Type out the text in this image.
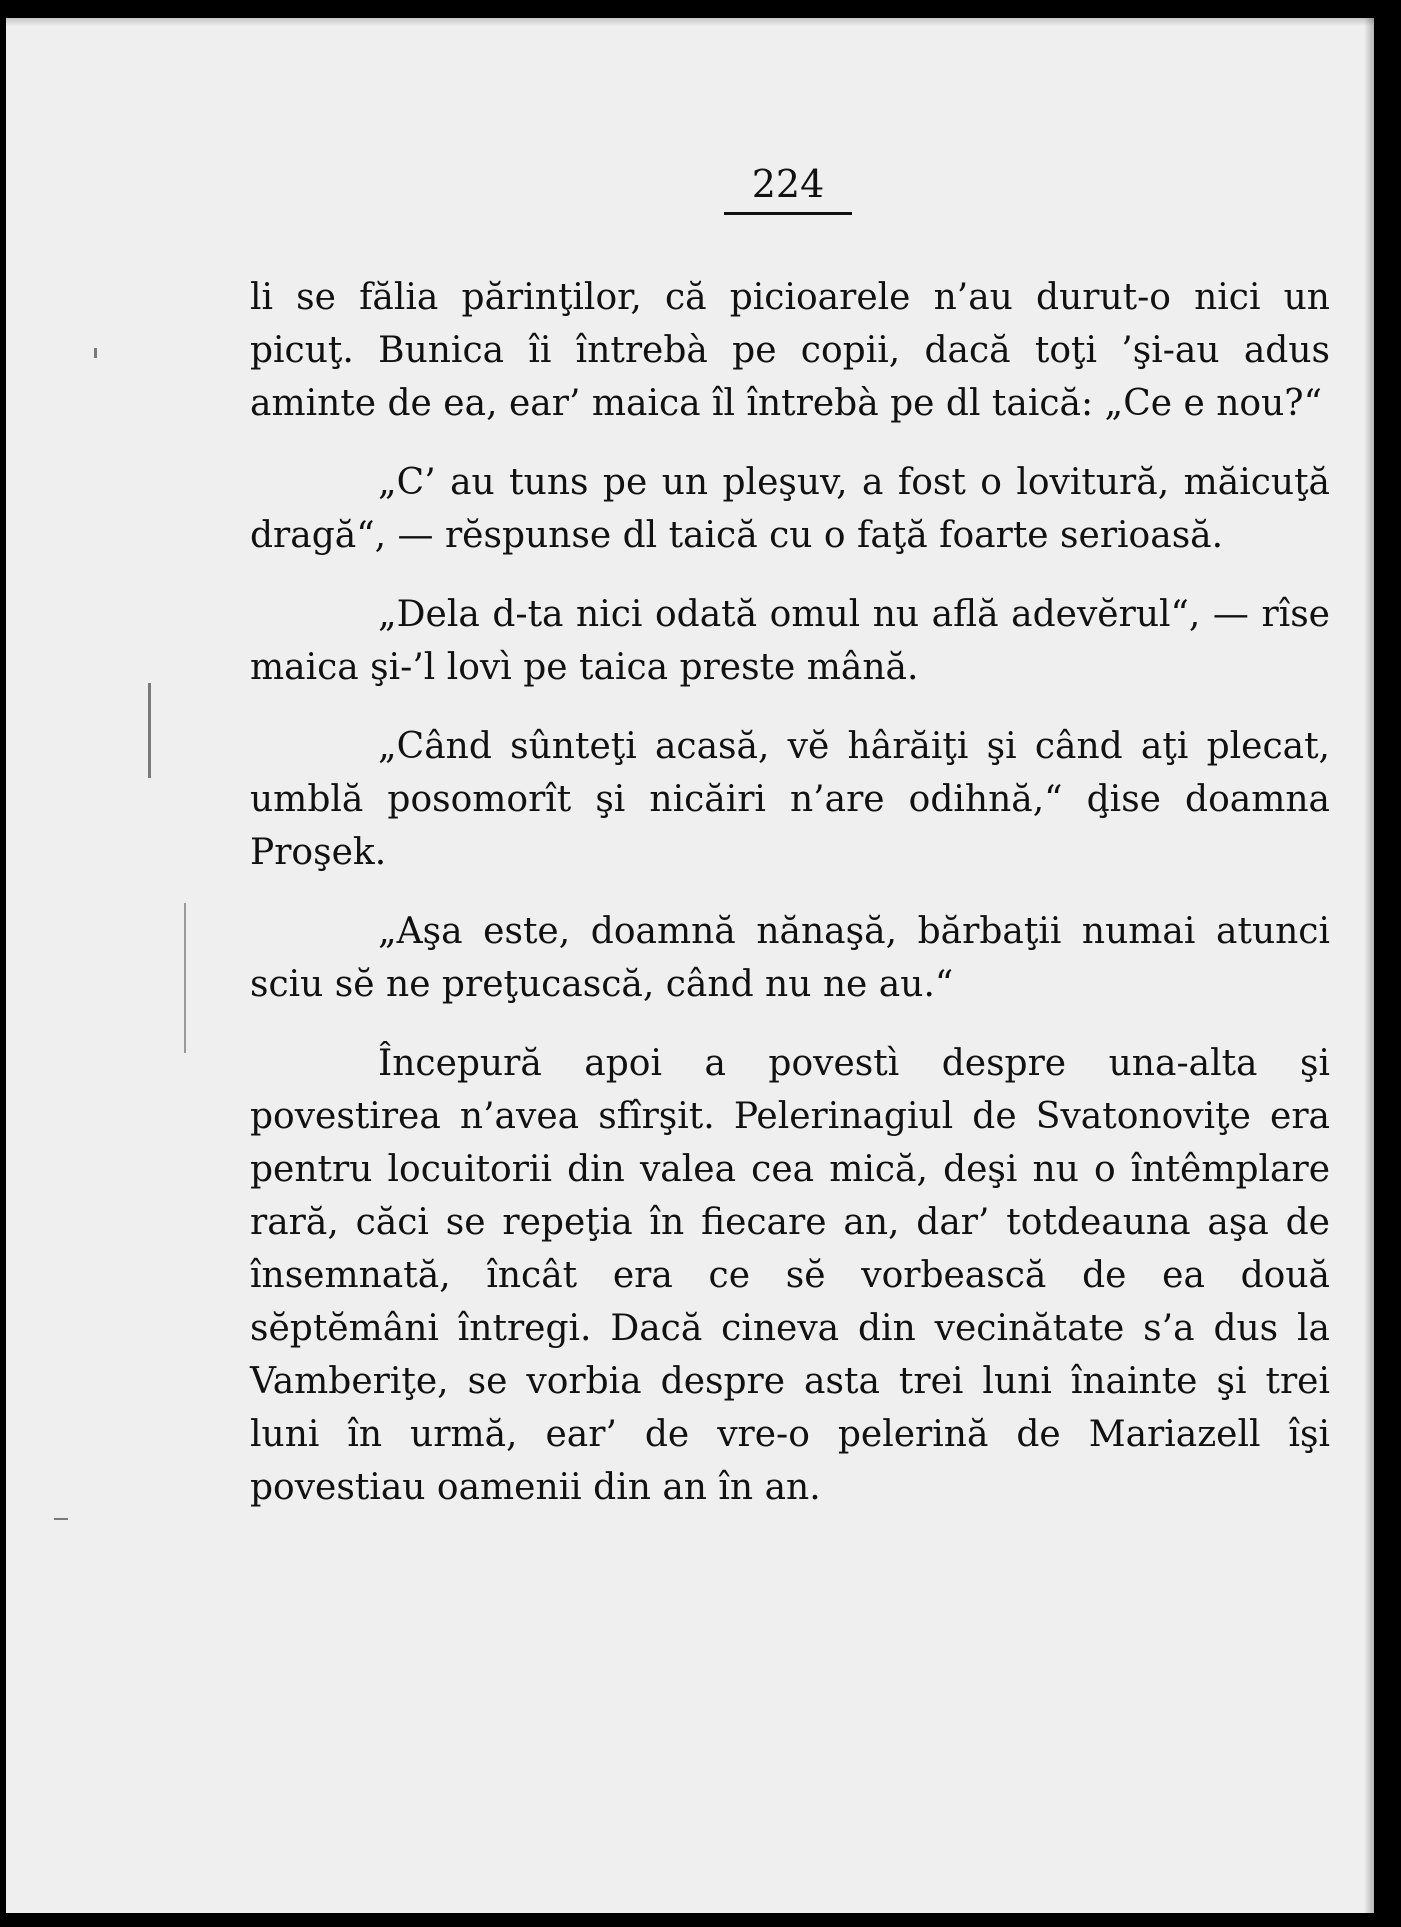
224

li se fălia părinţilor, că picioarele n’au durut-o nici un picuţ. Bunica îi întrebà pe copii, dacă toţi ’şi-au adus aminte de ea, ear’ maica îl întrebà pe dl taică: „Ce e nou?“

„C’ au tuns pe un pleşuv, a fost o lovitură, măicuţă dragă“, — rĕspunse dl taică cu o faţă foarte serioasă.

„Dela d-ta nici odată omul nu află adevĕrul“, — rîse maica şi-’l lovì pe taica preste mână.

„Când sûnteţi acasă, vĕ hârăiţi şi când aţi plecat, umblă posomorît şi nicăiri n’are odihnă,“ ḑise doamna Proşek.

„Aşa este, doamnă nănaşă, bărbaţii numai atunci sciu sĕ ne preţucască, când nu ne au.“

Începură apoi a povestì despre una-alta şi povestirea n’avea sfîrşit. Pelerinagiul de Svatonoviţe era pentru locuitorii din valea cea mică, deşi nu o întêmplare rară, căci se repeţia în fiecare an, dar’ totdeauna aşa de însemnată, încât era ce sĕ vorbească de ea două sĕptĕmâni întregi. Dacă cineva din vecinătate s’a dus la Vamberiţe, se vorbia despre asta trei luni înainte şi trei luni în urmă, ear’ de vre-o pelerină de Mariazell îşi povestiau oamenii din an în an.
